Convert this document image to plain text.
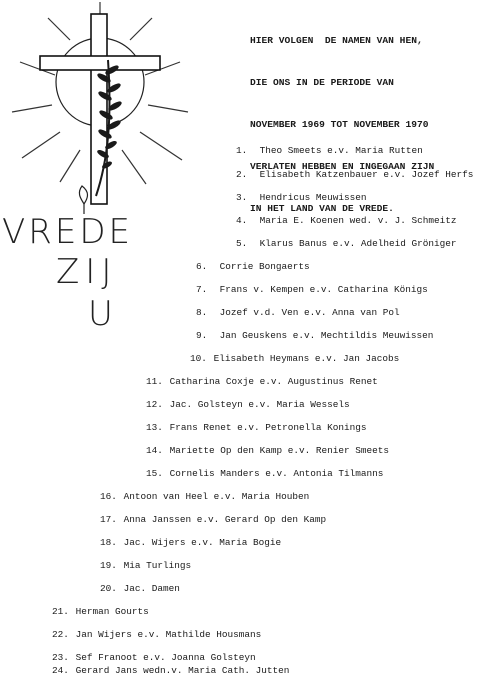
VREDE
ZIJ
U

HIER VOLGEN  DE NAMEN VAN HEN,

DIE ONS IN DE PERIODE VAN

NOVEMBER 1969 TOT NOVEMBER 1970

VERLATEN HEBBEN EN INGEGAAN ZIJN

IN HET LAND VAN DE VREDE.

1. Theo Smeets e.v. Maria Rutten
2. Elisabeth Katzenbauer e.v. Jozef Herfs
3. Hendricus Meuwissen
4. Maria E. Koenen wed. v. J. Schmeitz
5. Klarus Banus e.v. Adelheid Gröniger
6. Corrie Bongaerts
7. Frans v. Kempen e.v. Catharina Königs
8. Jozef v.d. Ven e.v. Anna van Pol
9. Jan Geuskens e.v. Mechtildis Meuwissen
10. Elisabeth Heymans e.v. Jan Jacobs
11. Catharina Coxje e.v. Augustinus Renet
12. Jac. Golsteyn e.v. Maria Wessels
13. Frans Renet e.v. Petronella Konings
14. Mariette Op den Kamp e.v. Renier Smeets
15. Cornelis Manders e.v. Antonia Tilmanns
16. Antoon van Heel e.v. Maria Houben
17. Anna Janssen e.v. Gerard Op den Kamp
18. Jac. Wijers e.v. Maria Bogie
19. Mia Turlings
20. Jac. Damen
21. Herman Gourts
22. Jan Wijers e.v. Mathilde Housmans
23. Sef Franoot e.v. Joanna Golsteyn
24. Gerard Jans wedn.v. Maria Cath. Jutten
